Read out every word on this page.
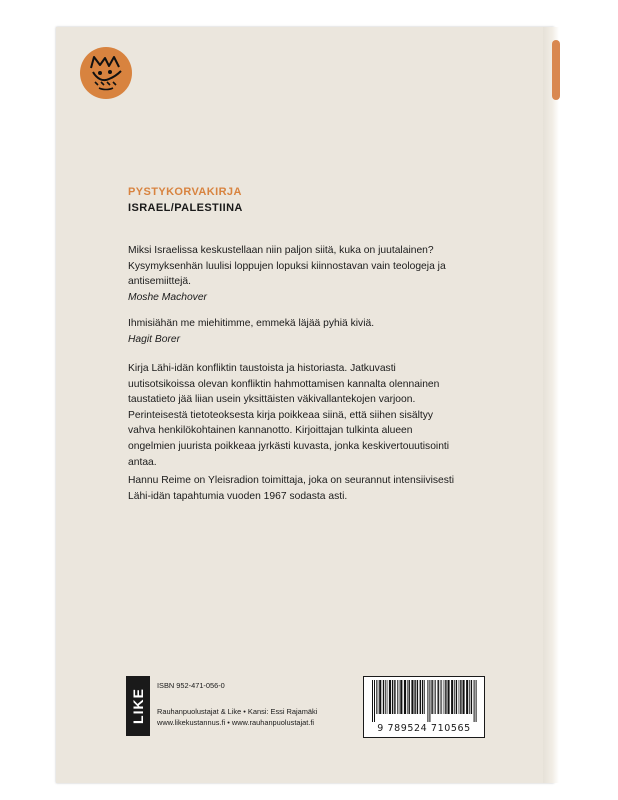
PYSTYKORVAKIRJA
ISRAEL/PALESTIINA

Miksi Israelissa keskustellaan niin paljon siitä, kuka on juutalainen? Kysymyksenhän luulisi loppujen lopuksi kiinnostavan vain teologeja ja antisemiittejä.

Moshe Machover

Ihmisiähän me miehitimme, emmekä läjää pyhiä kiviä.

Hagit Borer

Kirja Lähi-idän konfliktin taustoista ja historiasta. Jatkuvasti uutisotsikoissa olevan konfliktin hahmottamisen kannalta olennainen taustatieto jää liian usein yksittäisten väkivallantekojen varjoon. Perinteisestä tietoteoksesta kirja poikkeaa siinä, että siihen sisältyy vahva henkilökohtainen kannanotto. Kirjoittajan tulkinta alueen ongelmien juurista poikkeaa jyrkästi kuvasta, jonka keskivertouutisointi antaa.

Hannu Reime on Yleisradion toimittaja, joka on seurannut intensiivisesti Lähi-idän tapahtumia vuoden 1967 sodasta asti.

LIKE
ISBN 952-471-056-0
Rauhanpuolustajat & Like • Kansi: Essi Rajamäki
www.likekustannus.fi • www.rauhanpuolustajat.fi
9 789524 710565
